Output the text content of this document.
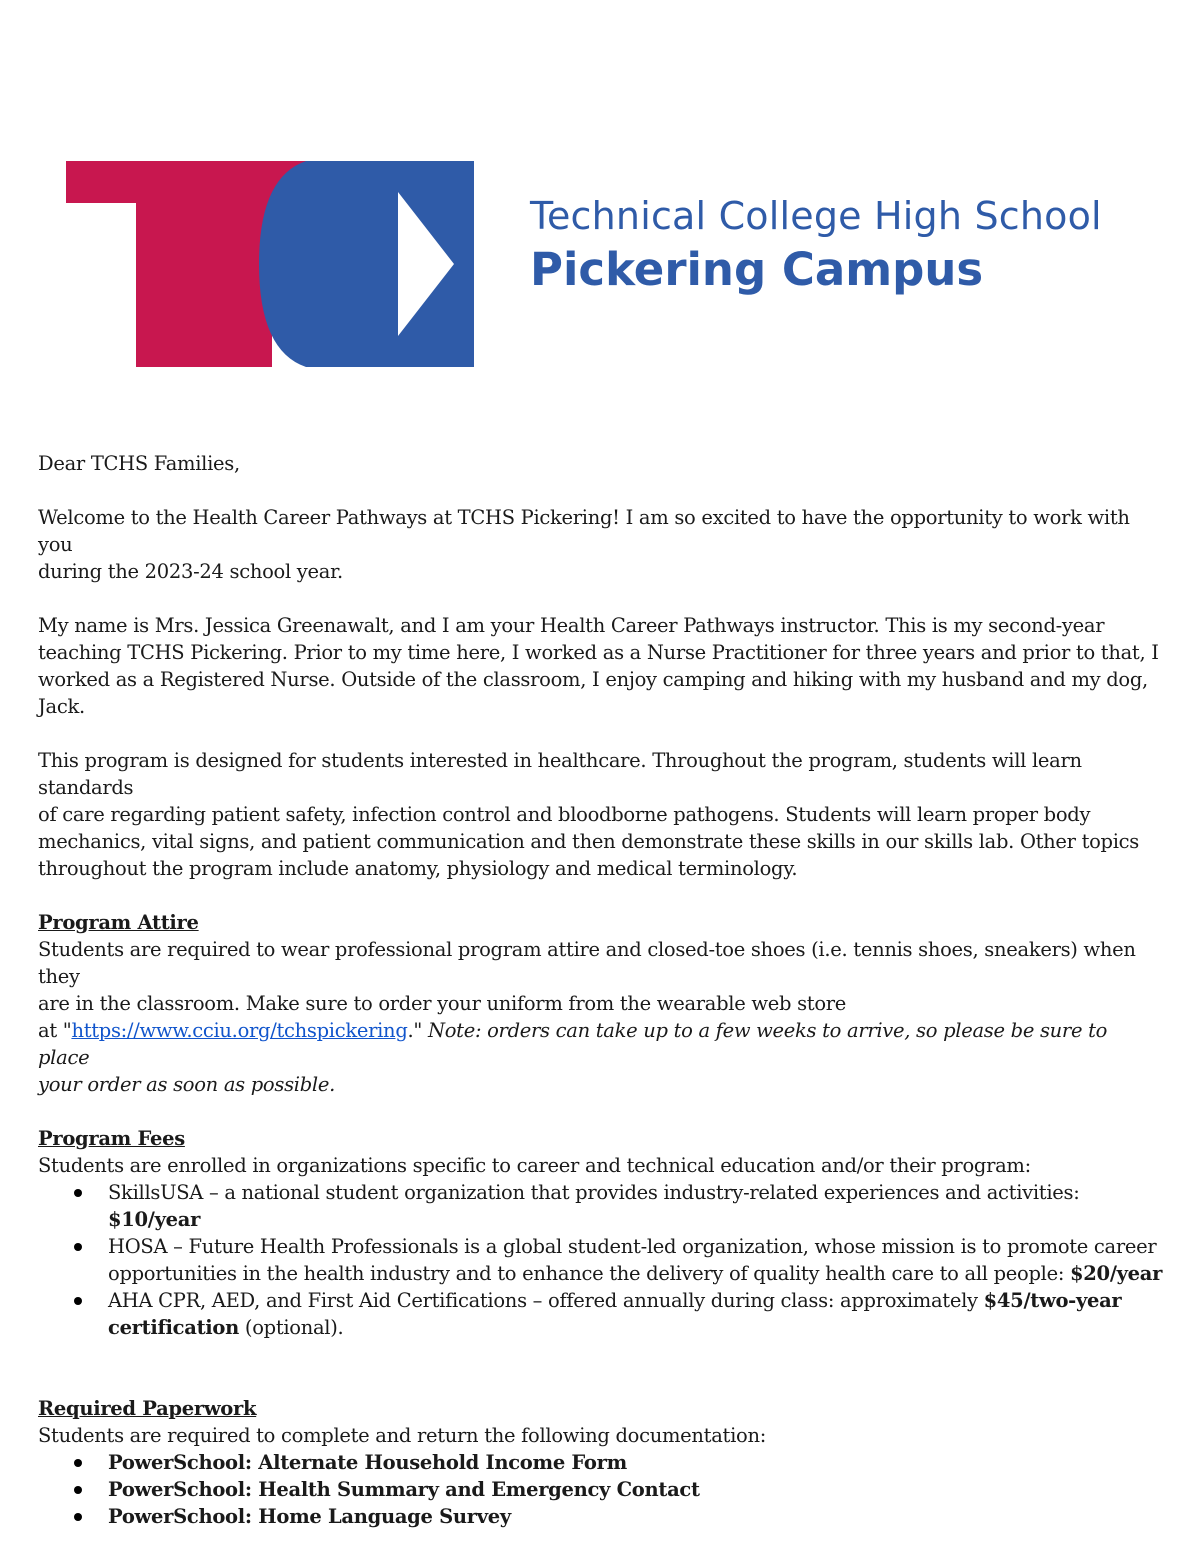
Technical College High School
Pickering Campus

Dear TCHS Families,

Welcome to the Health Career Pathways at TCHS Pickering! I am so excited to have the opportunity to work with you

during the 2023-24 school year.

My name is Mrs. Jessica Greenawalt, and I am your Health Career Pathways instructor. This is my second-year

teaching TCHS Pickering. Prior to my time here, I worked as a Nurse Practitioner for three years and prior to that, I

worked as a Registered Nurse. Outside of the classroom, I enjoy camping and hiking with my husband and my dog,

Jack.

This program is designed for students interested in healthcare. Throughout the program, students will learn standards

of care regarding patient safety, infection control and bloodborne pathogens. Students will learn proper body

mechanics, vital signs, and patient communication and then demonstrate these skills in our skills lab. Other topics

throughout the program include anatomy, physiology and medical terminology.

Program Attire

Students are required to wear professional program attire and closed-toe shoes (i.e. tennis shoes, sneakers) when they

are in the classroom. Make sure to order your uniform from the wearable web store

at "https://www.cciu.org/tchspickering." Note: orders can take up to a few weeks to arrive, so please be sure to place

your order as soon as possible.

Program Fees

Students are enrolled in organizations specific to career and technical education and/or their program:

SkillsUSA – a national student organization that provides industry-related experiences and activities: $10/year
HOSA – Future Health Professionals is a global student-led organization, whose mission is to promote career opportunities in the health industry and to enhance the delivery of quality health care to all people: $20/year
AHA CPR, AED, and First Aid Certifications – offered annually during class: approximately $45/two-year certification (optional).

Required Paperwork

Students are required to complete and return the following documentation:

PowerSchool: Alternate Household Income Form
PowerSchool: Health Summary and Emergency Contact
PowerSchool: Home Language Survey
